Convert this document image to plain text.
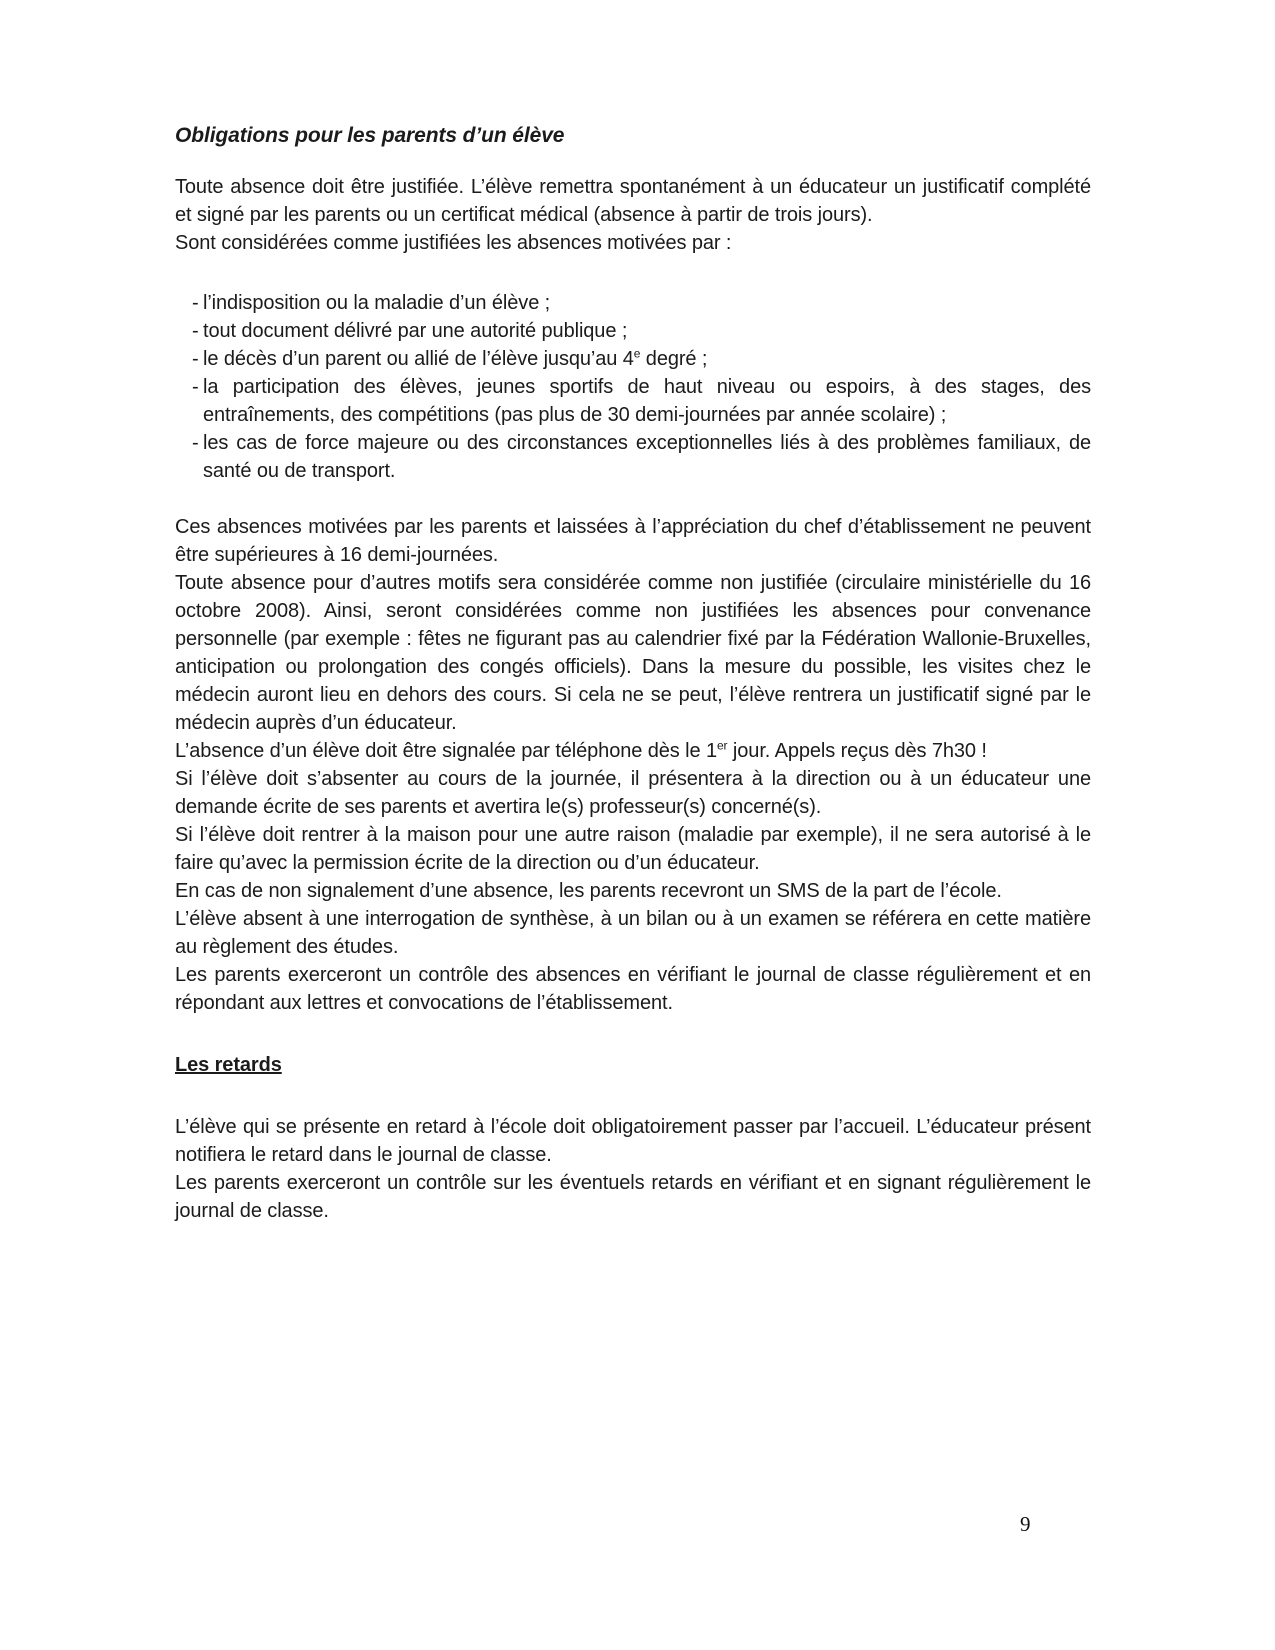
Obligations pour les parents d’un élève

Toute absence doit être justifiée. L’élève remettra spontanément à un éducateur un justificatif complété et signé par les parents ou un certificat médical (absence à partir de trois jours).

Sont considérées comme justifiées les absences motivées par :

- l’indisposition ou la maladie d’un élève ;
- tout document délivré par une autorité publique ;
- le décès d’un parent ou allié de l’élève jusqu’au 4e degré ;
- la participation des élèves, jeunes sportifs de haut niveau ou espoirs, à des stages, des entraînements, des compétitions (pas plus de 30 demi-journées par année scolaire) ;
- les cas de force majeure ou des circonstances exceptionnelles liés à des problèmes familiaux, de santé ou de transport.

Ces absences motivées par les parents et laissées à l’appréciation du chef d’établissement ne peuvent être supérieures à 16 demi-journées.

Toute absence pour d’autres motifs sera considérée comme non justifiée (circulaire ministérielle du 16 octobre 2008). Ainsi, seront considérées comme non justifiées les absences pour convenance personnelle (par exemple : fêtes ne figurant pas au calendrier fixé par la Fédération Wallonie-Bruxelles, anticipation ou prolongation des congés officiels). Dans la mesure du possible, les visites chez le médecin auront lieu en dehors des cours. Si cela ne se peut, l’élève rentrera un justificatif signé par le médecin auprès d’un éducateur.

L’absence d’un élève doit être signalée par téléphone dès le 1er jour. Appels reçus dès 7h30 !

Si l’élève doit s’absenter au cours de la journée, il présentera à la direction ou à un éducateur une demande écrite de ses parents et avertira le(s) professeur(s) concerné(s).

Si l’élève doit rentrer à la maison pour une autre raison (maladie par exemple), il ne sera autorisé à le faire qu’avec la permission écrite de la direction ou d’un éducateur.

En cas de non signalement d’une absence, les parents recevront un SMS de la part de l’école.

L’élève absent à une interrogation de synthèse, à un bilan ou à un examen se référera en cette matière au règlement des études.

Les parents exerceront un contrôle des absences en vérifiant le journal de classe régulièrement et en répondant aux lettres et convocations de l’établissement.

Les retards

L’élève qui se présente en retard à l’école doit obligatoirement passer par l’accueil. L’éducateur présent notifiera le retard dans le journal de classe.

Les parents exerceront un contrôle sur les éventuels retards en vérifiant et en signant régulièrement le journal de classe.

9
